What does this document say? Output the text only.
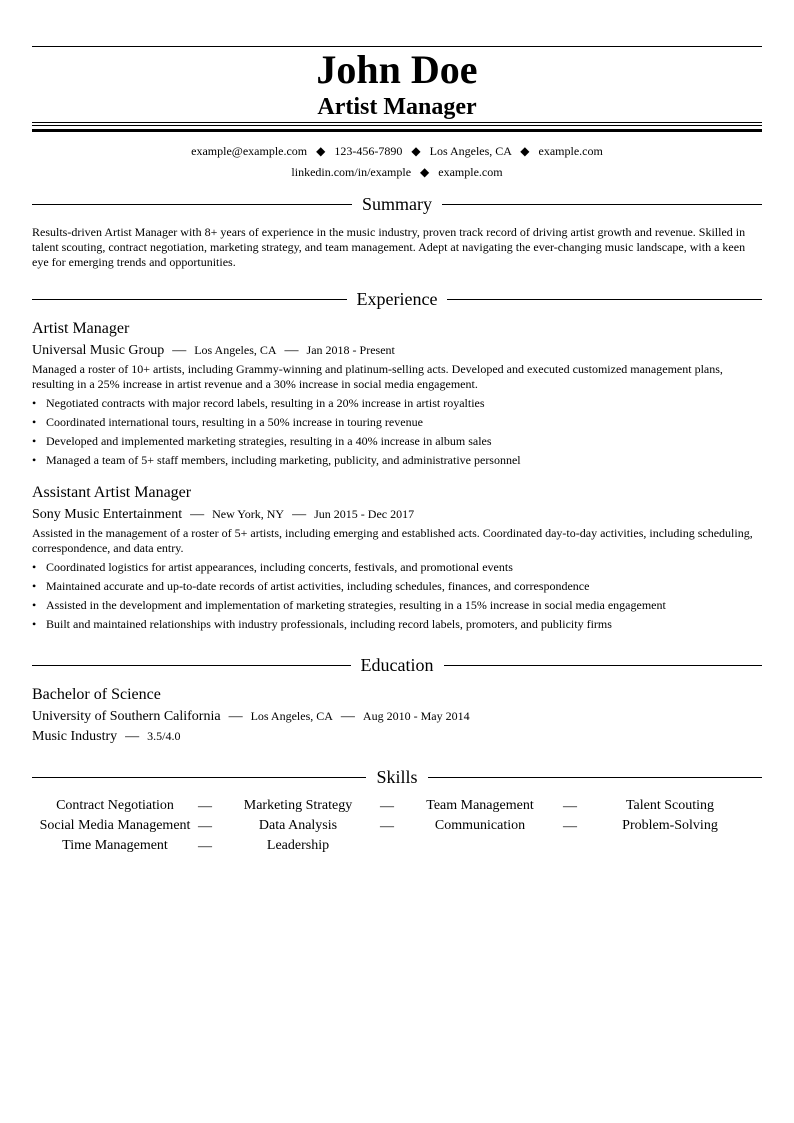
John Doe
Artist Manager
example@example.com ◆ 123-456-7890 ◆ Los Angeles, CA ◆ example.com
linkedin.com/in/example ◆ example.com
Summary
Results-driven Artist Manager with 8+ years of experience in the music industry, proven track record of driving artist growth and revenue. Skilled in talent scouting, contract negotiation, marketing strategy, and team management. Adept at navigating the ever-changing music landscape, with a keen eye for emerging trends and opportunities.
Experience
Artist Manager
Universal Music Group — Los Angeles, CA — Jan 2018 - Present
Managed a roster of 10+ artists, including Grammy-winning and platinum-selling acts. Developed and executed customized management plans, resulting in a 25% increase in artist revenue and a 30% increase in social media engagement.
• Negotiated contracts with major record labels, resulting in a 20% increase in artist royalties
• Coordinated international tours, resulting in a 50% increase in touring revenue
• Developed and implemented marketing strategies, resulting in a 40% increase in album sales
• Managed a team of 5+ staff members, including marketing, publicity, and administrative personnel
Assistant Artist Manager
Sony Music Entertainment — New York, NY — Jun 2015 - Dec 2017
Assisted in the management of a roster of 5+ artists, including emerging and established acts. Coordinated day-to-day activities, including scheduling, correspondence, and data entry.
• Coordinated logistics for artist appearances, including concerts, festivals, and promotional events
• Maintained accurate and up-to-date records of artist activities, including schedules, finances, and correspondence
• Assisted in the development and implementation of marketing strategies, resulting in a 15% increase in social media engagement
• Built and maintained relationships with industry professionals, including record labels, promoters, and publicity firms
Education
Bachelor of Science
University of Southern California — Los Angeles, CA — Aug 2010 - May 2014
Music Industry — 3.5/4.0
Skills
Contract Negotiation	—	Marketing Strategy	—	Team Management	—	Talent Scouting
Social Media Management —	Data Analysis	—	Communication	—	Problem-Solving
Time Management	—	Leadership
